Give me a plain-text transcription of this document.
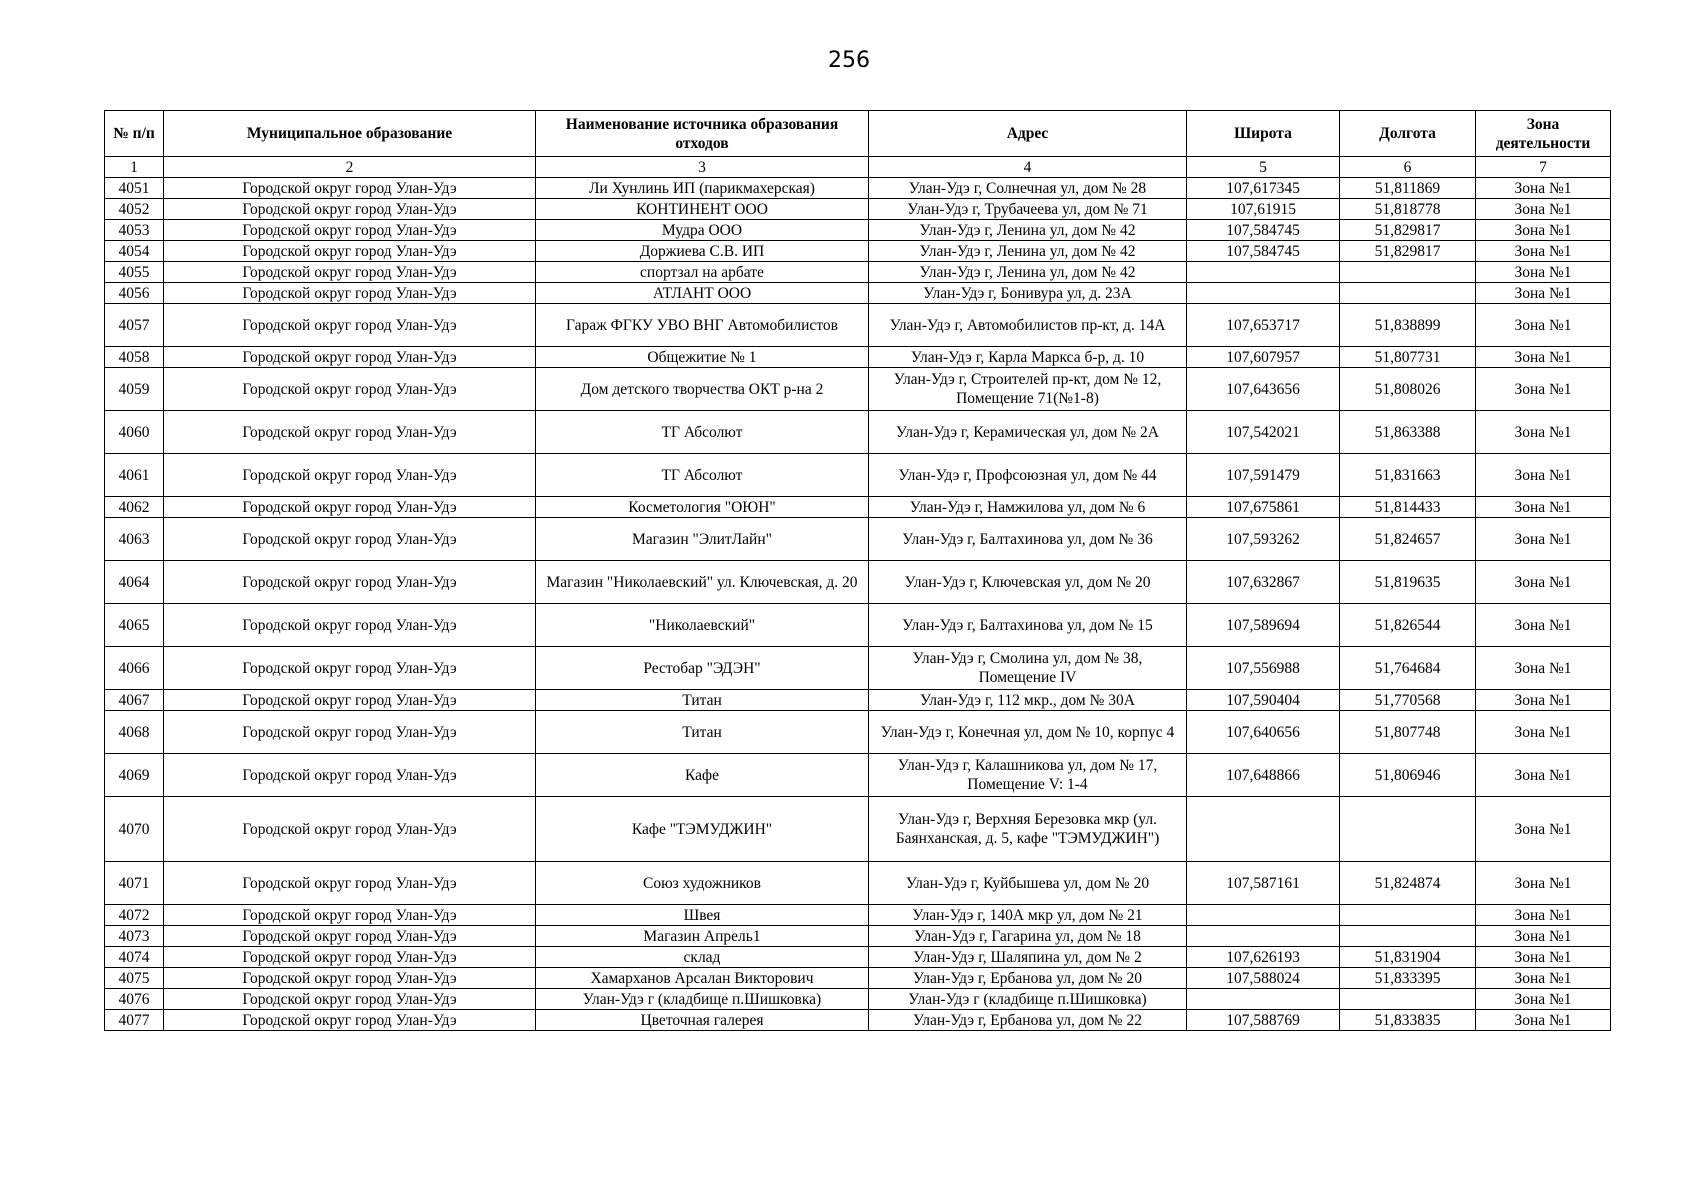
256
№ п/п	Муниципальное образование	Наименование источника образования отходов	Адрес	Широта	Долгота	Зона деятельности
1	2	3	4	5	6	7
4051	Городской округ город Улан-Удэ	Ли Хунлинь ИП (парикмахерская)	Улан-Удэ г, Солнечная ул, дом № 28	107,617345	51,811869	Зона №1
4052	Городской округ город Улан-Удэ	КОНТИНЕНТ ООО	Улан-Удэ г, Трубачеева ул, дом № 71	107,61915	51,818778	Зона №1
4053	Городской округ город Улан-Удэ	Мудра ООО	Улан-Удэ г, Ленина ул, дом № 42	107,584745	51,829817	Зона №1
4054	Городской округ город Улан-Удэ	Доржиева С.В. ИП	Улан-Удэ г, Ленина ул, дом № 42	107,584745	51,829817	Зона №1
4055	Городской округ город Улан-Удэ	спортзал на арбате	Улан-Удэ г, Ленина ул, дом № 42			Зона №1
4056	Городской округ город Улан-Удэ	АТЛАНТ ООО	Улан-Удэ г, Бонивура ул, д. 23А			Зона №1
4057	Городской округ город Улан-Удэ	Гараж ФГКУ УВО ВНГ Автомобилистов	Улан-Удэ г, Автомобилистов пр-кт, д. 14А	107,653717	51,838899	Зона №1
4058	Городской округ город Улан-Удэ	Общежитие № 1	Улан-Удэ г, Карла Маркса б-р, д. 10	107,607957	51,807731	Зона №1
4059	Городской округ город Улан-Удэ	Дом детского творчества ОКТ р-на 2	Улан-Удэ г, Строителей пр-кт, дом № 12, Помещение 71(№1-8)	107,643656	51,808026	Зона №1
4060	Городской округ город Улан-Удэ	ТГ Абсолют	Улан-Удэ г, Керамическая ул, дом № 2А	107,542021	51,863388	Зона №1
4061	Городской округ город Улан-Удэ	ТГ Абсолют	Улан-Удэ г, Профсоюзная ул, дом № 44	107,591479	51,831663	Зона №1
4062	Городской округ город Улан-Удэ	Косметология "ОЮН"	Улан-Удэ г, Намжилова ул, дом № 6	107,675861	51,814433	Зона №1
4063	Городской округ город Улан-Удэ	Магазин "ЭлитЛайн"	Улан-Удэ г, Балтахинова ул, дом № 36	107,593262	51,824657	Зона №1
4064	Городской округ город Улан-Удэ	Магазин "Николаевский" ул. Ключевская, д. 20	Улан-Удэ г, Ключевская ул, дом № 20	107,632867	51,819635	Зона №1
4065	Городской округ город Улан-Удэ	"Николаевский"	Улан-Удэ г, Балтахинова ул, дом № 15	107,589694	51,826544	Зона №1
4066	Городской округ город Улан-Удэ	Рестобар "ЭДЭН"	Улан-Удэ г, Смолина ул, дом № 38, Помещение IV	107,556988	51,764684	Зона №1
4067	Городской округ город Улан-Удэ	Титан	Улан-Удэ г, 112 мкр., дом № 30А	107,590404	51,770568	Зона №1
4068	Городской округ город Улан-Удэ	Титан	Улан-Удэ г, Конечная ул, дом № 10, корпус 4	107,640656	51,807748	Зона №1
4069	Городской округ город Улан-Удэ	Кафе	Улан-Удэ г, Калашникова ул, дом № 17, Помещение V: 1-4	107,648866	51,806946	Зона №1
4070	Городской округ город Улан-Удэ	Кафе "ТЭМУДЖИН"	Улан-Удэ г, Верхняя Березовка мкр (ул. Баянханская, д. 5, кафе "ТЭМУДЖИН")			Зона №1
4071	Городской округ город Улан-Удэ	Союз художников	Улан-Удэ г, Куйбышева ул, дом № 20	107,587161	51,824874	Зона №1
4072	Городской округ город Улан-Удэ	Швея	Улан-Удэ г, 140А мкр ул, дом № 21			Зона №1
4073	Городской округ город Улан-Удэ	Магазин Апрель1	Улан-Удэ г, Гагарина ул, дом № 18			Зона №1
4074	Городской округ город Улан-Удэ	склад	Улан-Удэ г, Шаляпина ул, дом № 2	107,626193	51,831904	Зона №1
4075	Городской округ город Улан-Удэ	Хамарханов Арсалан Викторович	Улан-Удэ г, Ербанова ул, дом № 20	107,588024	51,833395	Зона №1
4076	Городской округ город Улан-Удэ	Улан-Удэ г (кладбище п.Шишковка)	Улан-Удэ г (кладбище п.Шишковка)			Зона №1
4077	Городской округ город Улан-Удэ	Цветочная галерея	Улан-Удэ г, Ербанова ул, дом № 22	107,588769	51,833835	Зона №1
